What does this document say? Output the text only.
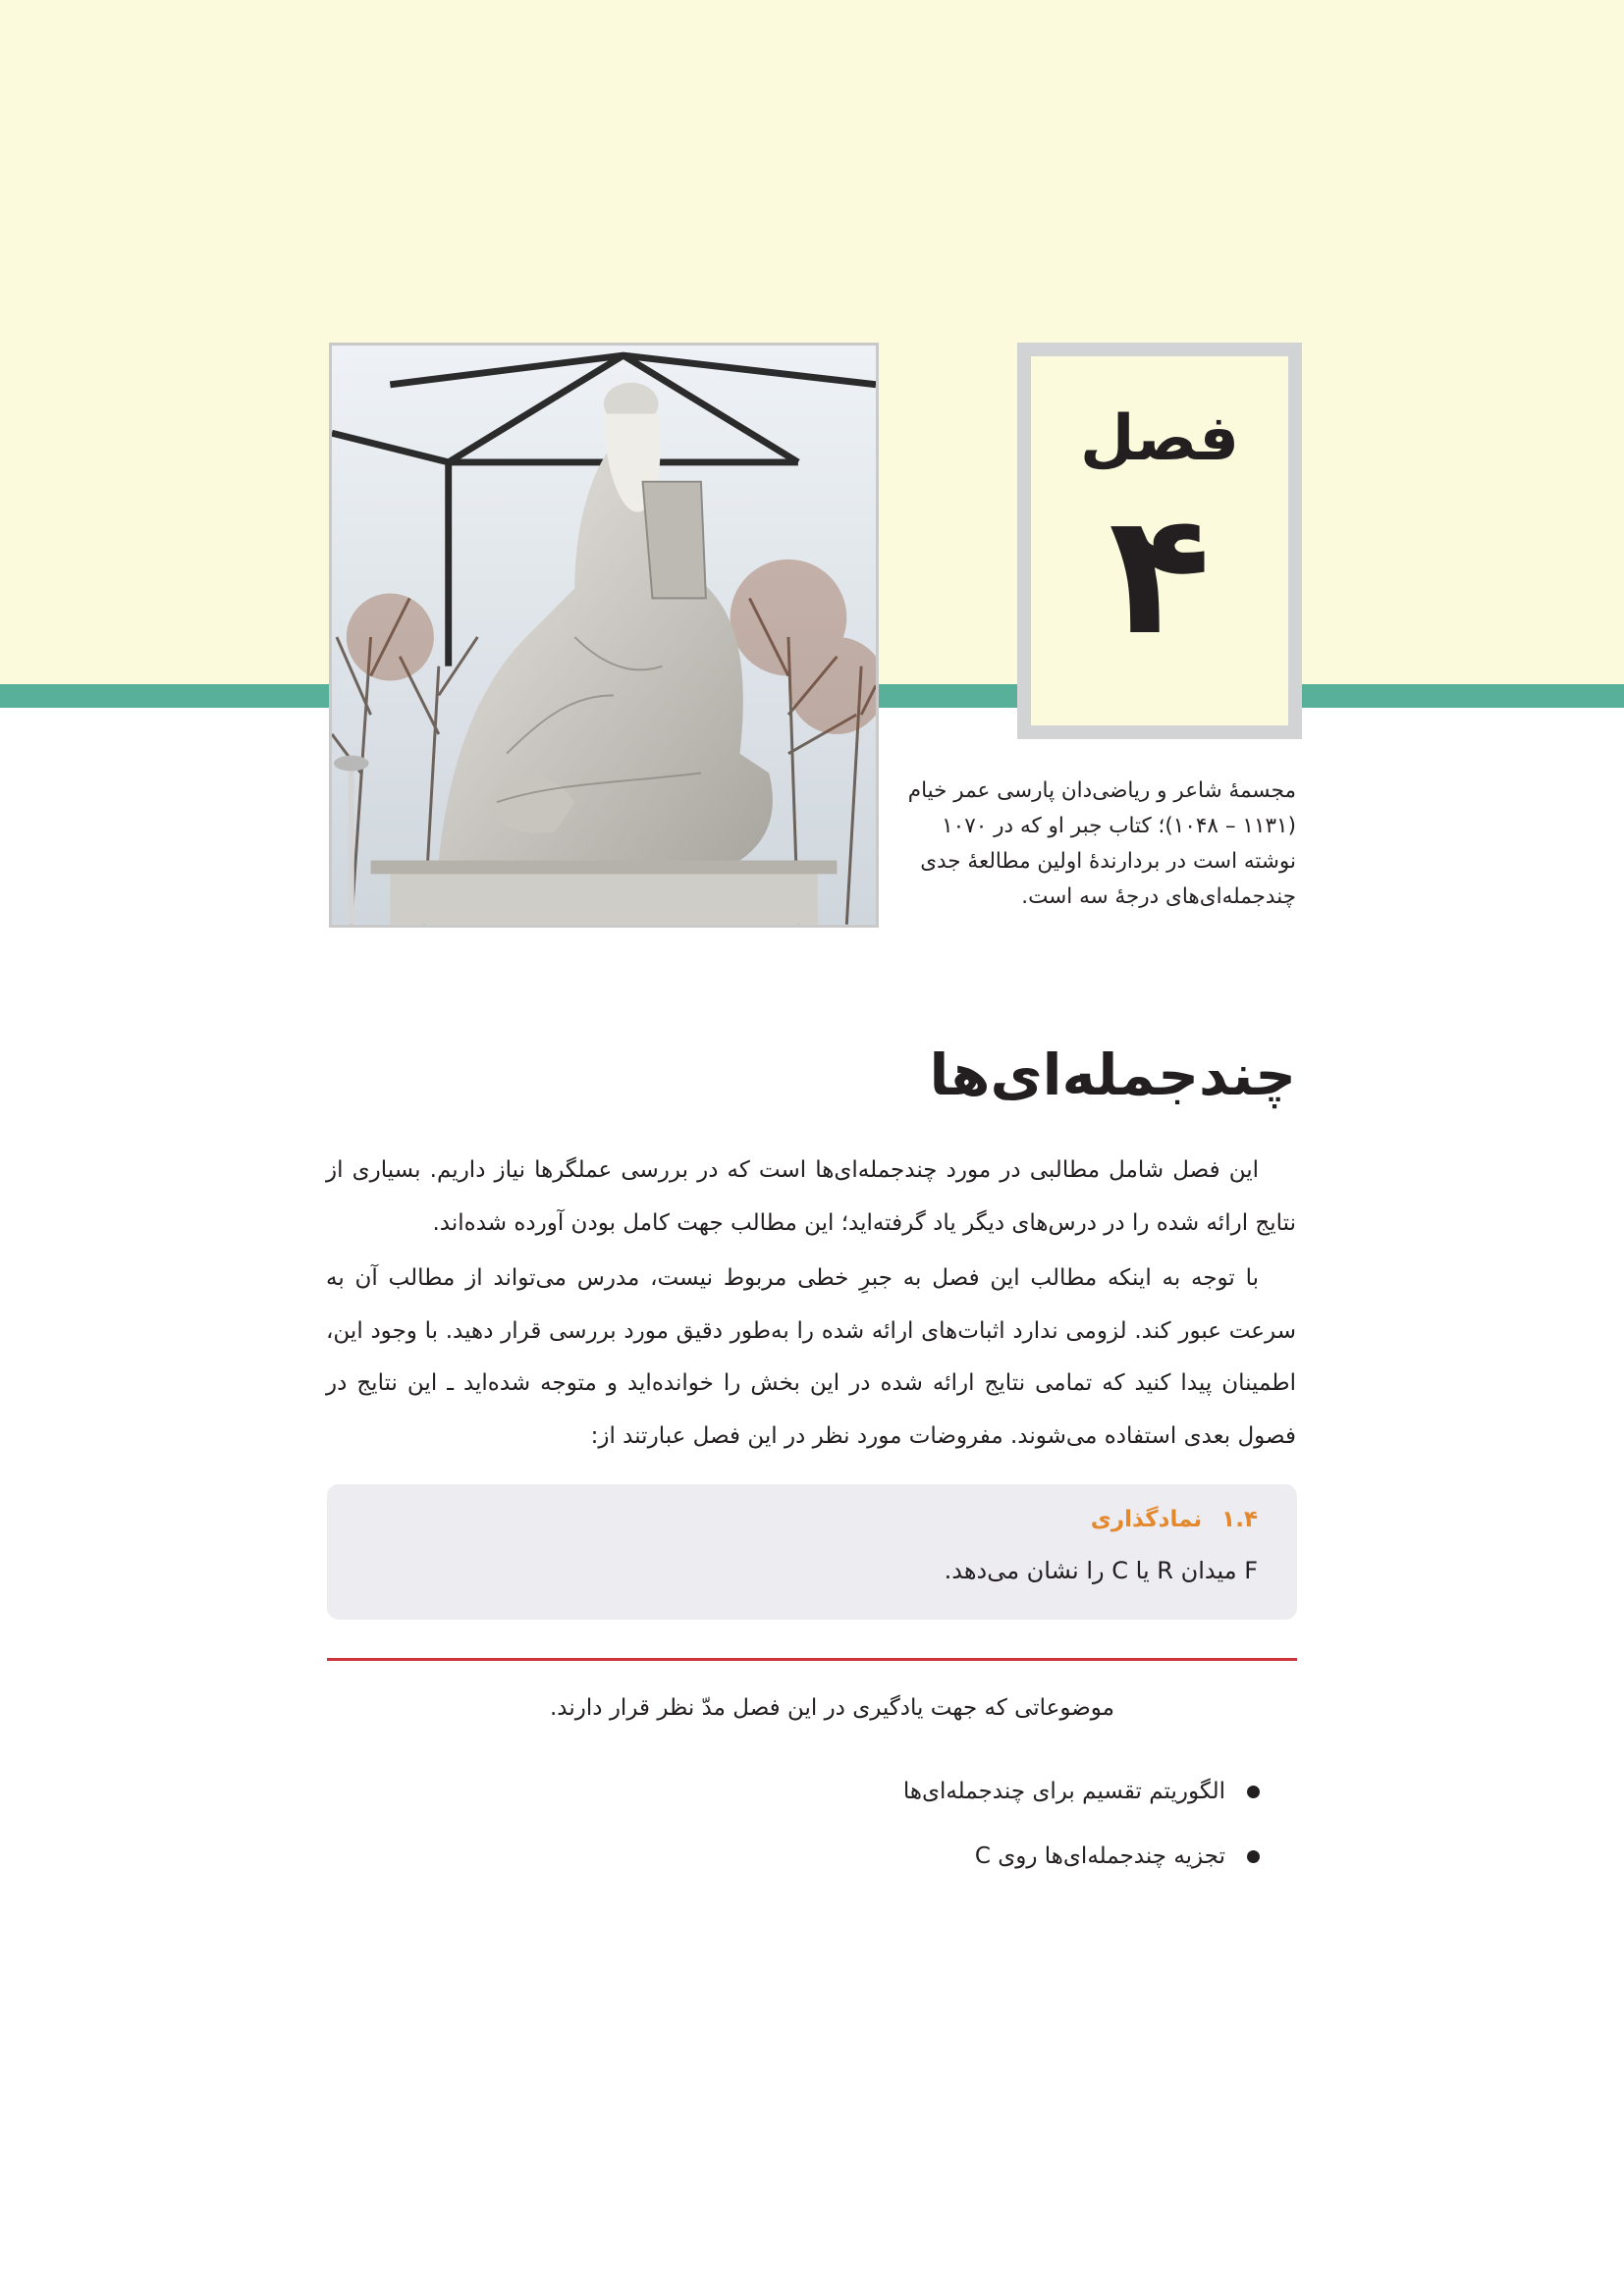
فصل
۴
مجسمهٔ شاعر و ریاضی‌دان پارسی عمر خیام
(۱۱۳۱ – ۱۰۴۸)؛ کتاب جبر او که در ۱۰۷۰
نوشته است در بردارندهٔ اولین مطالعهٔ جدی
چندجمله‌ای‌های درجهٔ سه است.
چندجمله‌ای‌ها

این فصل شامل مطالبی در مورد چندجمله‌ای‌ها است که در بررسی عملگرها نیاز داریم. بسیاری از نتایج ارائه شده را در درس‌های دیگر یاد گرفته‌اید؛ این مطالب جهت کامل بودن آورده شده‌اند.

با توجه به اینکه مطالب این فصل به جبرِ خطی مربوط نیست، مدرس می‌تواند از مطالب آن به سرعت عبور کند. لزومی ندارد اثبات‌های ارائه شده را به‌طور دقیق مورد بررسی قرار دهید. با وجود این، اطمینان پیدا کنید که تمامی نتایج ارائه شده در این بخش را خوانده‌اید و متوجه شده‌اید ـ این نتایج در فصول بعدی استفاده می‌شوند. مفروضات مورد نظر در این فصل عبارتند از:

۱.۴ نمادگذاری
F میدان R یا C را نشان می‌دهد.
موضوعاتی که جهت یادگیری در این فصل مدّ نظر قرار دارند.
الگوریتم تقسیم برای چندجمله‌ای‌ها
تجزیه چندجمله‌ای‌ها روی C
